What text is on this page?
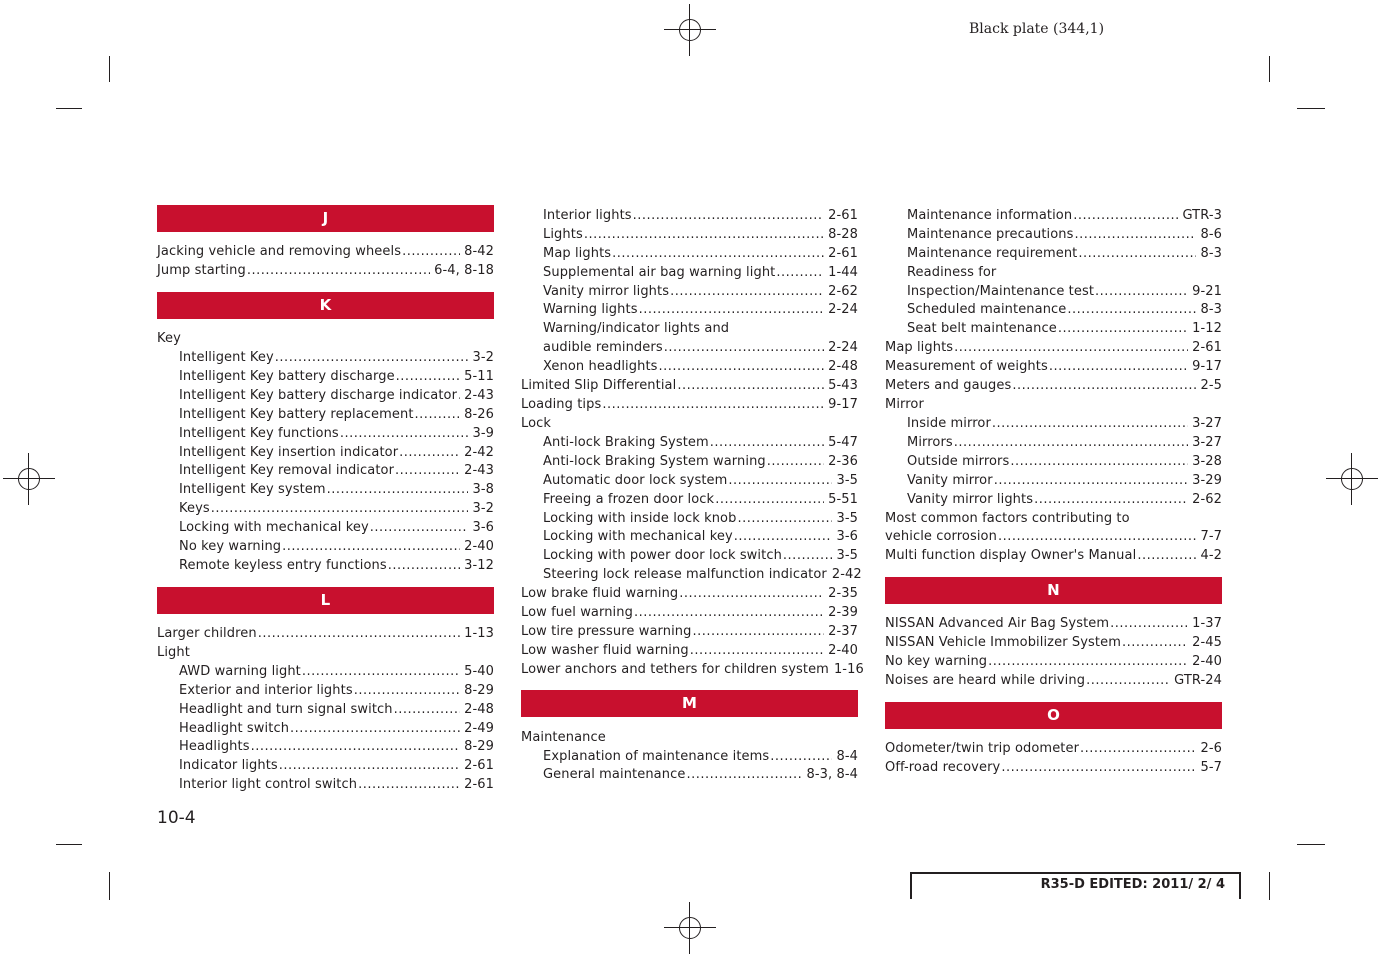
Black plate (344,1)
J
Jacking vehicle and removing wheels .....	8-42
Jump starting .....	6-4, 8-18
K
Key
Intelligent Key .....	3-2
Intelligent Key battery discharge .....	5-11
Intelligent Key battery discharge indicator ..... 2-43
Intelligent Key battery replacement .....	8-26
Intelligent Key functions .....	3-9
Intelligent Key insertion indicator .....	2-42
Intelligent Key removal indicator .....	2-43
Intelligent Key system .....	3-8
Keys .....	3-2
Locking with mechanical key .....	3-6
No key warning .....	2-40
Remote keyless entry functions .....	3-12
L
Larger children .....	1-13
Light
AWD warning light .....	5-40
Exterior and interior lights .....	8-29
Headlight and turn signal switch .....	2-48
Headlight switch .....	2-49
Headlights .....	8-29
Indicator lights .....	2-61
Interior light control switch .....	2-61
Interior lights .....	2-61
Lights .....	8-28
Map lights .....	2-61
Supplemental air bag warning light .....	1-44
Vanity mirror lights .....	2-62
Warning lights .....	2-24
Warning/indicator lights and
audible reminders .....	2-24
Xenon headlights .....	2-48
Limited Slip Differential .....	5-43
Loading tips .....	9-17
Lock
Anti-lock Braking System .....	5-47
Anti-lock Braking System warning .....	2-36
Automatic door lock system .....	3-5
Freeing a frozen door lock .....	5-51
Locking with inside lock knob .....	3-5
Locking with mechanical key .....	3-6
Locking with power door lock switch .....	3-5
Steering lock release malfunction indicator 2-42
Low brake fluid warning .....	2-35
Low fuel warning .....	2-39
Low tire pressure warning .....	2-37
Low washer fluid warning .....	2-40
Lower anchors and tethers for children system 1-16
M
Maintenance
Explanation of maintenance items .....	8-4
General maintenance .....	8-3, 8-4
Maintenance information .....	GTR-3
Maintenance precautions .....	8-6
Maintenance requirement .....	8-3
Readiness for
Inspection/Maintenance test .....	9-21
Scheduled maintenance .....	8-3
Seat belt maintenance .....	1-12
Map lights .....	2-61
Measurement of weights .....	9-17
Meters and gauges .....	2-5
Mirror
Inside mirror .....	3-27
Mirrors .....	3-27
Outside mirrors .....	3-28
Vanity mirror .....	3-29
Vanity mirror lights .....	2-62
Most common factors contributing to
vehicle corrosion .....	7-7
Multi function display Owner's Manual .....	4-2
N
NISSAN Advanced Air Bag System .....	1-37
NISSAN Vehicle Immobilizer System .....	2-45
No key warning .....	2-40
Noises are heard while driving .....	GTR-24
O
Odometer/twin trip odometer .....	2-6
Off-road recovery .....	5-7
10-4
R35-D EDITED: 2011/ 2/ 4
